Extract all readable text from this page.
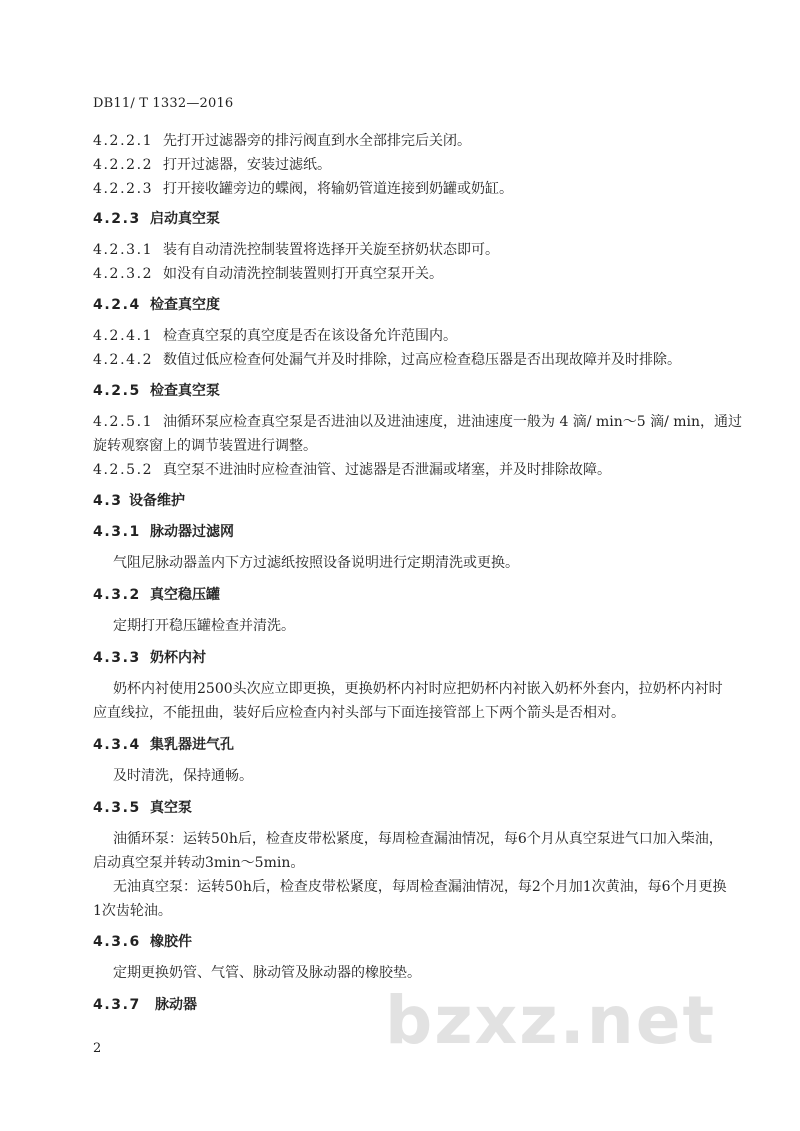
DB11/ T 1332—2016
4.2.2.1 先打开过滤器旁的排污阀直到水全部排完后关闭。
4.2.2.2 打开过滤器，安装过滤纸。
4.2.2.3 打开接收罐旁边的蝶阀，将输奶管道连接到奶罐或奶缸。
4.2.3 启动真空泵
4.2.3.1 装有自动清洗控制装置将选择开关旋至挤奶状态即可。
4.2.3.2 如没有自动清洗控制装置则打开真空泵开关。
4.2.4 检查真空度
4.2.4.1 检查真空泵的真空度是否在该设备允许范围内。
4.2.4.2 数值过低应检查何处漏气并及时排除，过高应检查稳压器是否出现故障并及时排除。
4.2.5 检查真空泵
4.2.5.1 油循环泵应检查真空泵是否进油以及进油速度，进油速度一般为 4 滴/ min～5 滴/ min，通过
旋转观察窗上的调节装置进行调整。
4.2.5.2 真空泵不进油时应检查油管、过滤器是否泄漏或堵塞，并及时排除故障。
4.3 设备维护
4.3.1 脉动器过滤网
气阻尼脉动器盖内下方过滤纸按照设备说明进行定期清洗或更换。
4.3.2 真空稳压罐
定期打开稳压罐检查并清洗。
4.3.3 奶杯内衬
奶杯内衬使用2500头次应立即更换，更换奶杯内衬时应把奶杯内衬嵌入奶杯外套内，拉奶杯内衬时
应直线拉，不能扭曲，装好后应检查内衬头部与下面连接管部上下两个箭头是否相对。
4.3.4 集乳器进气孔
及时清洗，保持通畅。
4.3.5 真空泵
油循环泵：运转50h后，检查皮带松紧度，每周检查漏油情况，每6个月从真空泵进气口加入柴油，
启动真空泵并转动3min～5min。
无油真空泵：运转50h后，检查皮带松紧度，每周检查漏油情况，每2个月加1次黄油，每6个月更换
1次齿轮油。
4.3.6 橡胶件
定期更换奶管、气管、脉动管及脉动器的橡胶垫。
4.3.7 脉动器	bzxz.net
2
